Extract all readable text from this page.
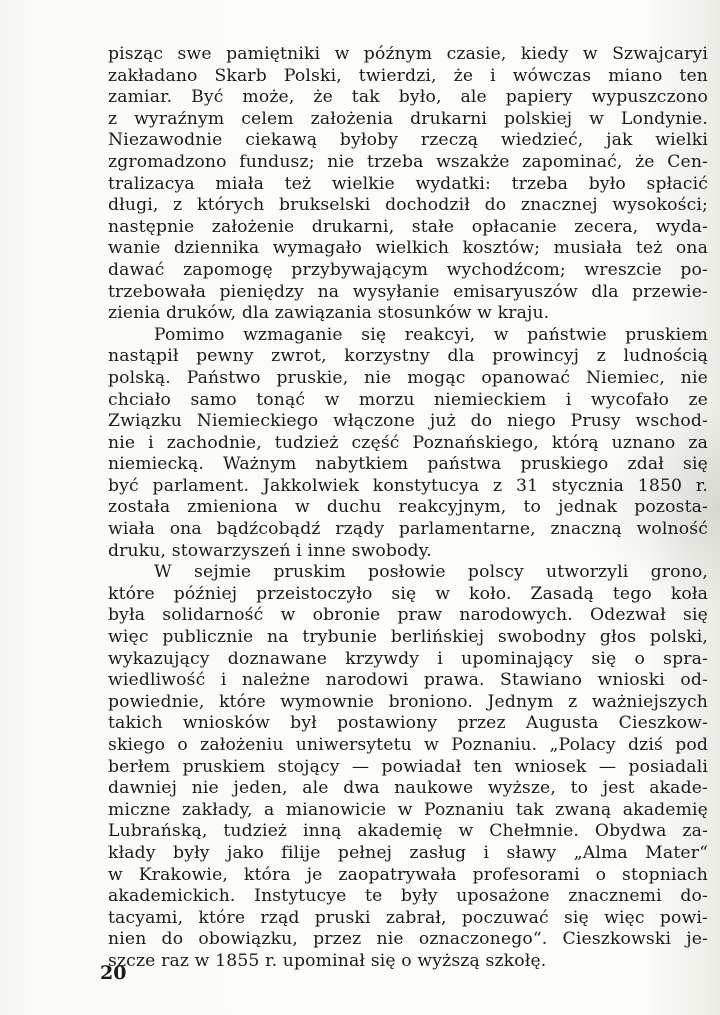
pisząc swe pamiętniki w późnym czasie, kiedy w Szwajcaryi
zakładano Skarb Polski, twierdzi, że i wówczas miano ten
zamiar. Być może, że tak było, ale papiery wypuszczono
z wyraźnym celem założenia drukarni polskiej w Londynie.
Niezawodnie ciekawą byłoby rzeczą wiedzieć, jak wielki
zgromadzono fundusz; nie trzeba wszakże zapominać, że Cen-
tralizacya miała też wielkie wydatki: trzeba było spłacić
długi, z których brukselski dochodził do znacznej wysokości;
następnie założenie drukarni, stałe opłacanie zecera, wyda-
wanie dziennika wymagało wielkich kosztów; musiała też ona
dawać zapomogę przybywającym wychodźcom; wreszcie po-
trzebowała pieniędzy na wysyłanie emisaryuszów dla przewie-
zienia druków, dla zawiązania stosunków w kraju.
Pomimo wzmaganie się reakcyi, w państwie pruskiem
nastąpił pewny zwrot, korzystny dla prowincyj z ludnością
polską. Państwo pruskie, nie mogąc opanować Niemiec, nie
chciało samo tonąć w morzu niemieckiem i wycofało ze
Związku Niemieckiego włączone już do niego Prusy wschod-
nie i zachodnie, tudzież część Poznańskiego, którą uznano za
niemiecką. Ważnym nabytkiem państwa pruskiego zdał się
być parlament. Jakkolwiek konstytucya z 31 stycznia 1850 r.
została zmieniona w duchu reakcyjnym, to jednak pozosta-
wiała ona bądźcobądź rządy parlamentarne, znaczną wolność
druku, stowarzyszeń i inne swobody.
W sejmie pruskim posłowie polscy utworzyli grono,
które później przeistoczyło się w koło. Zasadą tego koła
była solidarność w obronie praw narodowych. Odezwał się
więc publicznie na trybunie berlińskiej swobodny głos polski,
wykazujący doznawane krzywdy i upominający się o spra-
wiedliwość i należne narodowi prawa. Stawiano wnioski od-
powiednie, które wymownie broniono. Jednym z ważniejszych
takich wniosków był postawiony przez Augusta Cieszkow-
skiego o założeniu uniwersytetu w Poznaniu. „Polacy dziś pod
berłem pruskiem stojący — powiadał ten wniosek — posiadali
dawniej nie jeden, ale dwa naukowe wyższe, to jest akade-
miczne zakłady, a mianowicie w Poznaniu tak zwaną akademię
Lubrańską, tudzież inną akademię w Chełmnie. Obydwa za-
kłady były jako filije pełnej zasług i sławy „Alma Mater“
w Krakowie, która je zaopatrywała profesorami o stopniach
akademickich. Instytucye te były uposażone znacznemi do-
tacyami, które rząd pruski zabrał, poczuwać się więc powi-
nien do obowiązku, przez nie oznaczonego“. Cieszkowski je-
szcze raz w 1855 r. upominał się o wyższą szkołę.
20
